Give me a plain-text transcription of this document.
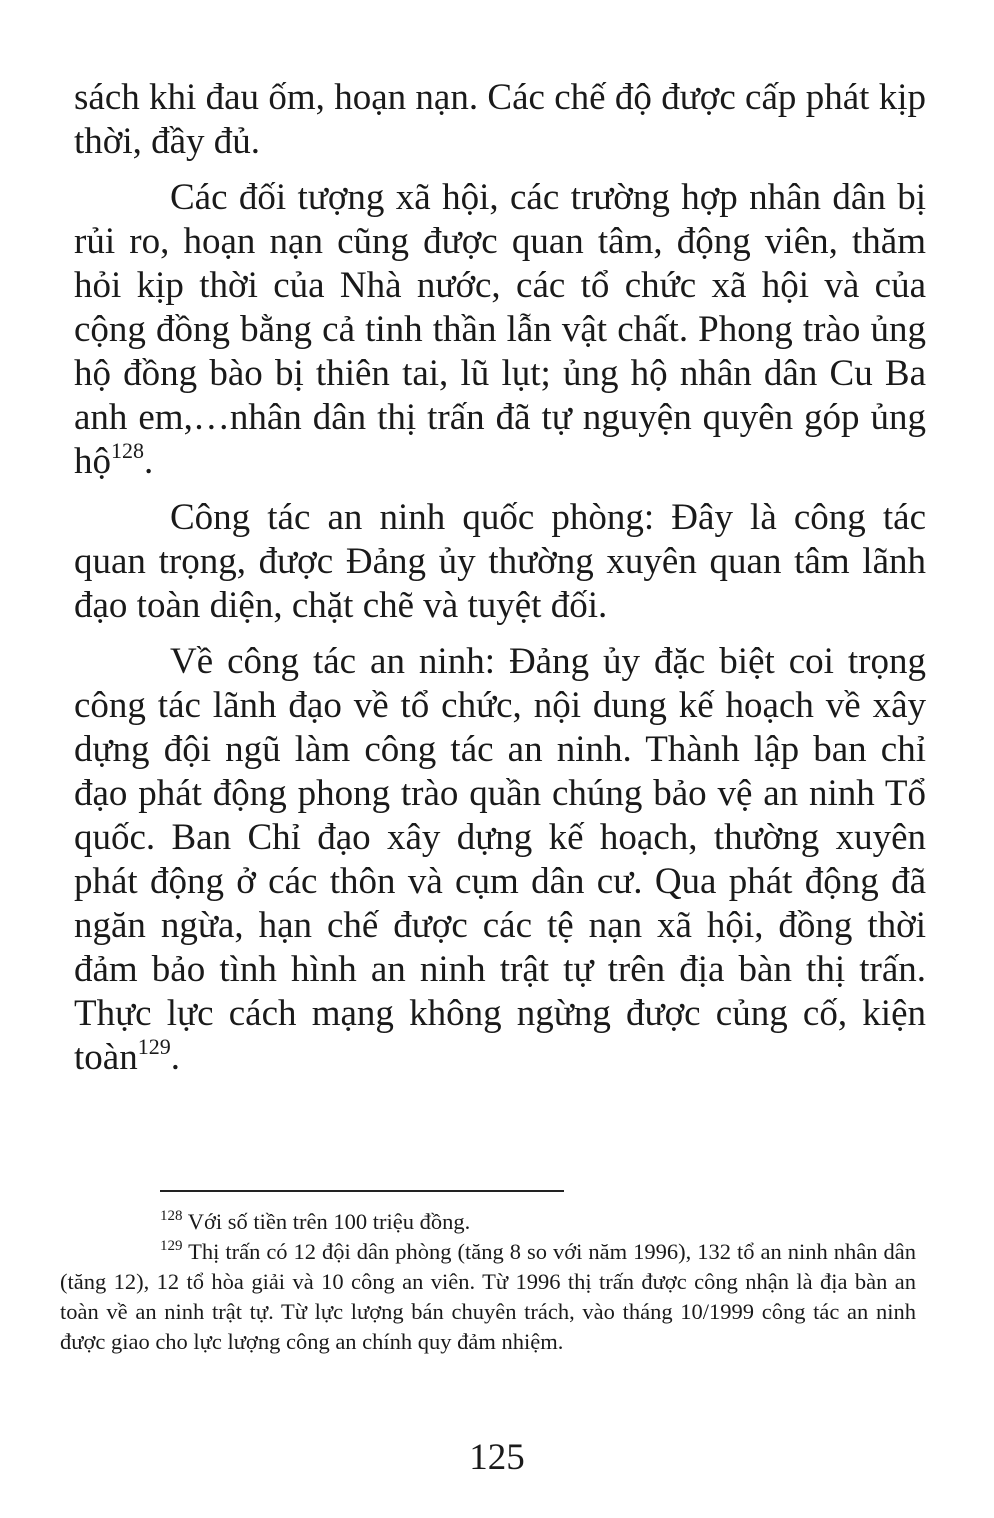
sách khi đau ốm, hoạn nạn. Các chế độ được cấp phát kịp thời, đầy đủ.

Các đối tượng xã hội, các trường hợp nhân dân bị rủi ro, hoạn nạn cũng được quan tâm, động viên, thăm hỏi kịp thời của Nhà nước, các tổ chức xã hội và của cộng đồng bằng cả tinh thần lẫn vật chất. Phong trào ủng hộ đồng bào bị thiên tai, lũ lụt; ủng hộ nhân dân Cu Ba anh em,…nhân dân thị trấn đã tự nguyện quyên góp ủng hộ$^{128}$.

Công tác an ninh quốc phòng: Đây là công tác quan trọng, được Đảng ủy thường xuyên quan tâm lãnh đạo toàn diện, chặt chẽ và tuyệt đối.

Về công tác an ninh: Đảng ủy đặc biệt coi trọng công tác lãnh đạo về tổ chức, nội dung kế hoạch về xây dựng đội ngũ làm công tác an ninh. Thành lập ban chỉ đạo phát động phong trào quần chúng bảo vệ an ninh Tổ quốc. Ban Chỉ đạo xây dựng kế hoạch, thường xuyên phát động ở các thôn và cụm dân cư. Qua phát động đã ngăn ngừa, hạn chế được các tệ nạn xã hội, đồng thời đảm bảo tình hình an ninh trật tự trên địa bàn thị trấn. Thực lực cách mạng không ngừng được củng cố, kiện toàn$^{129}$.

$^{128}$ Với số tiền trên 100 triệu đồng.

$^{129}$ Thị trấn có 12 đội dân phòng (tăng 8 so với năm 1996), 132 tổ an ninh nhân dân (tăng 12), 12 tổ hòa giải và 10 công an viên. Từ 1996 thị trấn được công nhận là địa bàn an toàn về an ninh trật tự. Từ lực lượng bán chuyên trách, vào tháng 10/1999 công tác an ninh được giao cho lực lượng công an chính quy đảm nhiệm.

125
